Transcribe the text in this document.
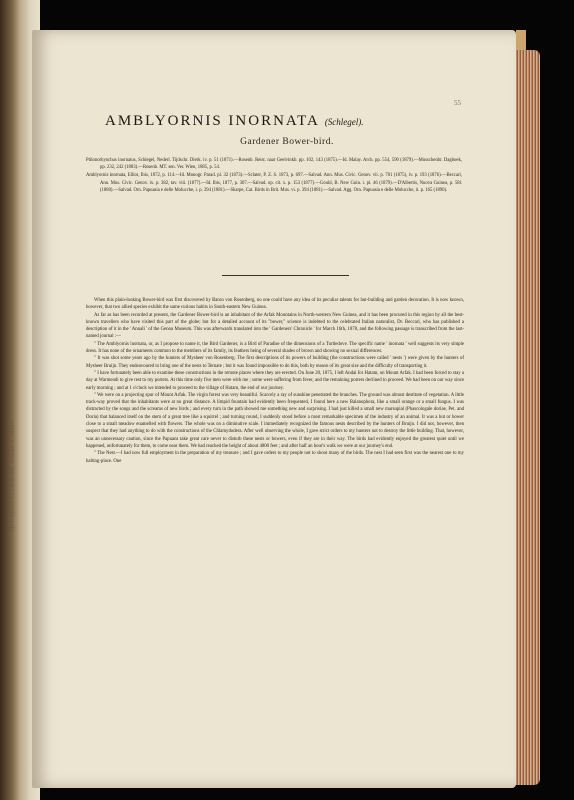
AMBLYORNIS INORNATA (Schlegel).
55
AMBLYORNIS INORNATA (Schlegel).
Gardener Bower-bird.

Ptilonorhynchus inornatus, Schlegel, Nederl. Tijdschr. Dierk. iv. p. 51 (1871).—Rosenb. Reist. naar Geelvinkb. pp. 102, 143 (1875).—Id. Malay. Arch. pp. 554, 590 (1879).—Musschenbr. Dagboek, pp. 232, 242 (1883).—Rosenb. MT. sen. Ver. Wien, 1885, p. 54.

Amblyornis inornata, Elliot, Ibis, 1872, p. 114.—Id. Monogr. Parad. pl. 32 (1873).—Sclater, P. Z. S. 1873, p. 697.—Salvad. Ann. Mus. Civic. Genov. vii. p. 781 (1875), iv. p. 193 (1876).—Beccari, Ann. Mus. Civic. Genov. ix. p. 382, tav. viii. (1877).—Id. Ibis, 1877, p. 307.—Salvad. op. cit. x. p. 153 (1877).—Gould, B. New Guin. i. pl. 46 (1879).—D'Albertis, Nuova Guinea, p. 581 (1880).—Salvad. Orn. Papuasia e delle Molucche, i. p. 394 (1881).—Sharpe, Cat. Birds in Brit. Mus. vi. p. 394 (1881).—Salvad. Agg. Orn. Papuasia e delle Molucche, ii. p. 165 (1890).

When this plain-looking Bower-bird was first discovered by Baron von Rosenberg, no one could have any idea of its peculiar talents for hut-building and garden decoration. It is now known, however, that two allied species exhibit the same curious habits in South-eastern New Guinea.

As far as has been recorded at present, the Gardener Bower-bird is an inhabitant of the Arfak Mountains in North-western New Guinea, and it has been procured in this region by all the best-known travellers who have visited this part of the globe; but for a detailed account of its "bower," science is indebted to the celebrated Italian naturalist, Dr. Beccari, who has published a description of it in the ' Annali ' of the Genoa Museum. This was afterwards translated into the ' Gardeners' Chronicle ' for March 16th, 1878, and the following passage is transcribed from the last-named journal :—

" The Amblyornis inornata, or, as I propose to name it, the Bird Gardener, is a Bird of Paradise of the dimensions of a Turtledove. The specific name ' inornata ' well suggests its very simple dress. It has none of the ornaments common to the members of its family, its feathers being of several shades of brown and showing no sexual differences.

" It was shot some years ago by the hunters of Mysheer von Rosenberg. The first descriptions of its powers of building (the constructions were called ' nests ') were given by the hunters of Mysheer Bruijn. They endeavoured to bring one of the nests to Ternate ; but it was found impossible to do this, both by reason of its great size and the difficulty of transporting it.

" I have fortunately been able to examine these constructions in the remote places where they are erected. On June 20, 1875, I left Andai for Hatam, on Mount Arfak. I had been forced to stay a day at Warmendi to give rest to my porters. At this time only five men were with me ; some were suffering from fever, and the remaining porters declined to proceed. We had been on our way since early morning ; and at 1 o'clock we intended to proceed to the village of Hatam, the end of our journey.

" We were on a projecting spur of Mount Arfak. The virgin forest was very beautiful. Scarcely a ray of sunshine penetrated the branches. The ground was almost destitute of vegetation. A little track-way proved that the inhabitants were at no great distance. A limpid fountain had evidently been frequented, I found here a new Balanophora, like a small orange or a small fungus. I was distracted by the songs and the screams of new birds ; and every turn in the path showed me something new and surprising. I had just killed a small new marsupial (Phascologale doriae, Pet. and Doria) that balanced itself on the stem of a great tree like a squirrel ; and turning round, I suddenly stood before a most remarkable specimen of the industry of an animal. It was a hut or bower close to a small meadow enamelled with flowers. The whole was on a diminutive scale. I immediately recognized the famous nests described by the hunters of Bruijn. I did not, however, then suspect that they had anything to do with the constructions of the Chlamydodera. After well observing the whole, I gave strict orders to my hunters not to destroy the little building. That, however, was an unnecessary caution, since the Papuans take great care never to disturb these nests or bowers, even if they are in their way. The birds had evidently enjoyed the greatest quiet until we happened, unfortunately for them, to come near them. We had reached the height of about 4800 feet ; and after half an hour's walk we were at our journey's end.

" The Nest.—I had now full employment in the preparation of my treasure ; and I gave orders to my people not to shoot many of the birds. The nest I had seen first was the nearest one to my halting-place. One
